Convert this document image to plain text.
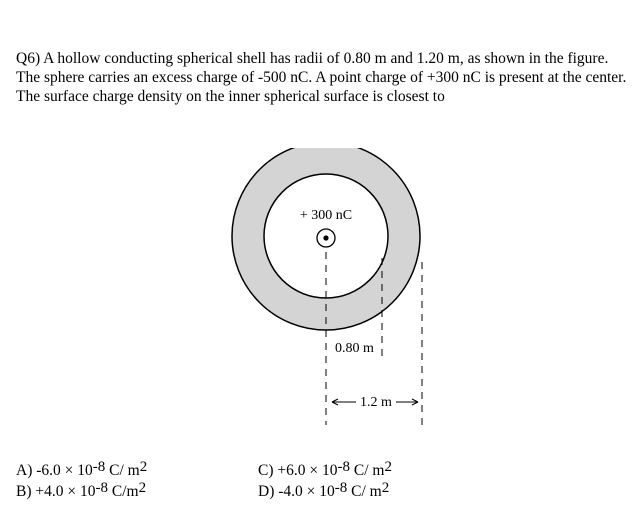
Q6) A hollow conducting spherical shell has radii of 0.80 m and 1.20 m, as shown in the figure. The sphere carries an excess charge of -500 nC. A point charge of +300 nC is present at the center. The surface charge density on the inner spherical surface is closest to

+ 300 nC
0.80 m
1.2 m
A) $-6.0 \times 10^{-8}$ C/ $m^2$
$B) +4.0 \times 10^{-8}$ $C/m^2$
$C) +6.0 \times 10^{-8}$ C/ $m^2$
D) $-4.0 \times 10^{-8}$ C/ $m^2$
